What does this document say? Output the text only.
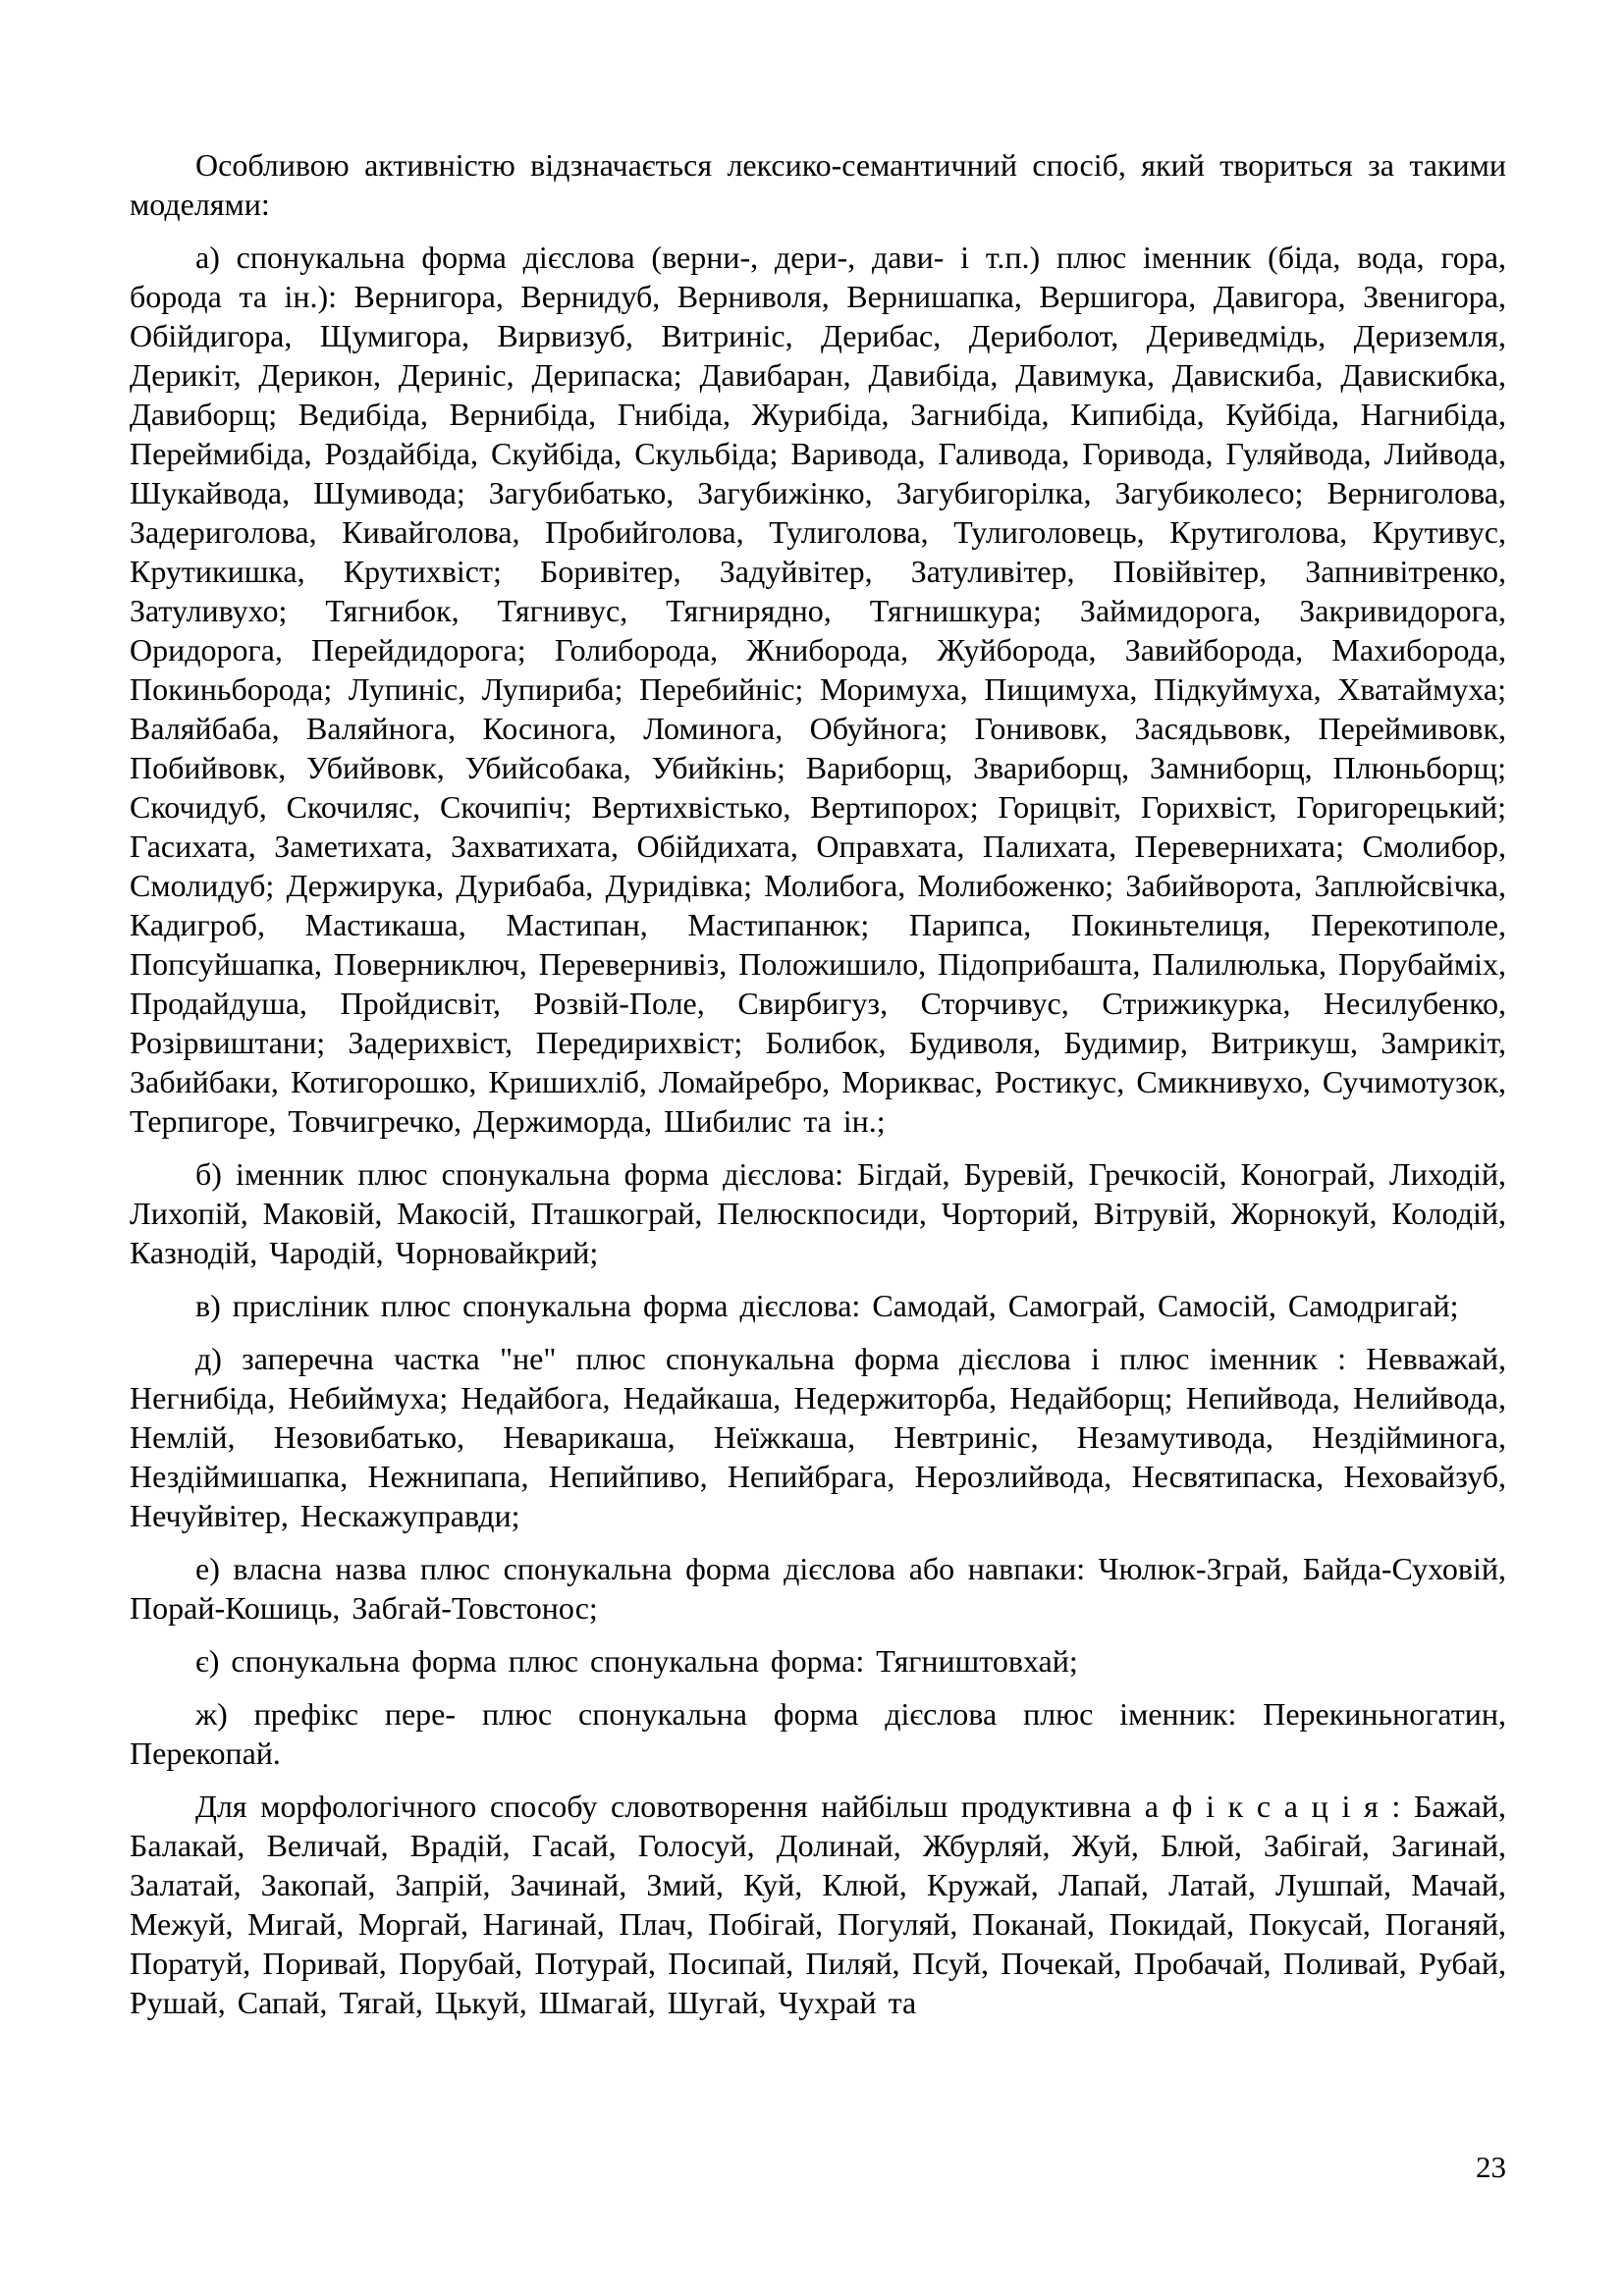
Особливою активністю відзначається лексико-семантичний спосіб, який твориться за такими моделями:

а) спонукальна форма дієслова (верни-, дери-, дави- і т.п.) плюс іменник (біда, вода, гора, борода та ін.): Вернигора, Вернидуб, Верниволя, Вернишапка, Вершигора, Давигора, Звенигора, Обійдигора, Щумигора, Вирвизуб, Витриніс, Дерибас, Дериболот, Дериведмідь, Дериземля, Дерикіт, Дерикон, Дериніс, Дерипаска; Давибаран, Давибіда, Давимука, Давискиба, Давискибка, Давиборщ; Ведибіда, Вернибіда, Гнибіда, Журибіда, Загнибіда, Кипибіда, Куйбіда, Нагнибіда, Переймибіда, Роздайбіда, Скуйбіда, Скульбіда; Варивода, Галивода, Горивода, Гуляйвода, Лийвода, Шукайвода, Шумивода; Загубибатько, Загубижінко, Загубигорілка, Загубиколесо; Верниголова, Задериголова, Кивайголова, Пробийголова, Тулиголова, Тулиголовець, Крутиголова, Крутивус, Крутикишка, Крутихвіст; Боривітер, Задуйвітер, Затуливітер, Повійвітер, Запнивітренко, Затуливухо; Тягнибок, Тягнивус, Тягнирядно, Тягнишкура; Займидорога, Закривидорога, Оридорога, Перейдидорога; Голиборода, Жниборода, Жуйборода, Завийборода, Махиборода, Покиньборода; Лупиніс, Лупириба; Перебийніс; Моримуха, Пищимуха, Підкуймуха, Хватаймуха; Валяйбаба, Валяйнога, Косинога, Ломинога, Обуйнога; Гонивовк, Засядьвовк, Переймивовк, Побийвовк, Убийвовк, Убийсобака, Убийкінь; Вариборщ, Звариборщ, Замниборщ, Плюньборщ; Скочидуб, Скочиляс, Скочипіч; Вертихвістько, Вертипорох; Горицвіт, Горихвіст, Горигорецький; Гасихата, Заметихата, Захватихата, Обійдихата, Оправхата, Палихата, Перевернихата; Смолибор, Смолидуб; Держирука, Дурибаба, Дуридівка; Молибога, Молибоженко; Забийворота, Заплюйсвічка, Кадигроб, Мастикаша, Мастипан, Мастипанюк; Парипса, Покиньтелиця, Перекотиполе, Попсуйшапка, Поверниключ, Перевернивіз, Положишило, Підоприбашта, Палилюлька, Порубайміх, Продайдуша, Пройдисвіт, Розвій-Поле, Свирбигуз, Сторчивус, Стрижикурка, Несилубенко, Розірвиштани; Задерихвіст, Передирихвіст; Болибок, Будиволя, Будимир, Витрикуш, Замрикіт, Забийбаки, Котигорошко, Кришихліб, Ломайребро, Мориквас, Ростикус, Смикнивухо, Сучимотузок, Терпигоре, Товчигречко, Держиморда, Шибилис та ін.;

б) іменник плюс спонукальна форма дієслова: Бігдай, Буревій, Гречкосій, Конограй, Лиходій, Лихопій, Маковій, Макосій, Пташкограй, Пелюскпосиди, Чорторий, Вітрувій, Жорнокуй, Колодій, Казнодій, Чародій, Чорновайкрий;

в) присліник плюс спонукальна форма дієслова: Самодай, Самограй, Самосій, Самодригай;

д) заперечна частка "не" плюс спонукальна форма дієслова і плюс іменник : Невважай, Негнибіда, Небиймуха; Недайбога, Недайкаша, Недержиторба, Недайборщ; Непийвода, Нелийвода, Немлій, Незовибатько, Неварикаша, Неїжкаша, Невтриніс, Незамутивода, Нездійминога, Нездіймишапка, Нежнипапа, Непийпиво, Непийбрага, Нерозлийвода, Несвятипаска, Неховайзуб, Нечуйвітер, Нескажуправди;

е) власна назва плюс спонукальна форма дієслова або навпаки: Чюлюк-Зграй, Байда-Суховій, Порай-Кошиць, Забгай-Товстонос;

є) спонукальна форма плюс спонукальна форма: Тягништовхай;

ж) префікс пере- плюс спонукальна форма дієслова плюс іменник: Перекиньногатин, Перекопай.

Для морфологічного способу словотворення найбільш продуктивна а ф і к с а ц і я : Бажай, Балакай, Величай, Врадій, Гасай, Голосуй, Долинай, Жбурляй, Жуй, Блюй, Забігай, Загинай, Залатай, Закопай, Запрій, Зачинай, Змий, Куй, Клюй, Кружай, Лапай, Латай, Лушпай, Мачай, Межуй, Мигай, Моргай, Нагинай, Плач, Побігай, Погуляй, Поканай, Покидай, Покусай, Поганяй, Поратуй, Поривай, Порубай, Потурай, Посипай, Пиляй, Псуй, Почекай, Пробачай, Поливай, Рубай, Рушай, Сапай, Тягай, Цькуй, Шмагай, Шугай, Чухрай та

23
